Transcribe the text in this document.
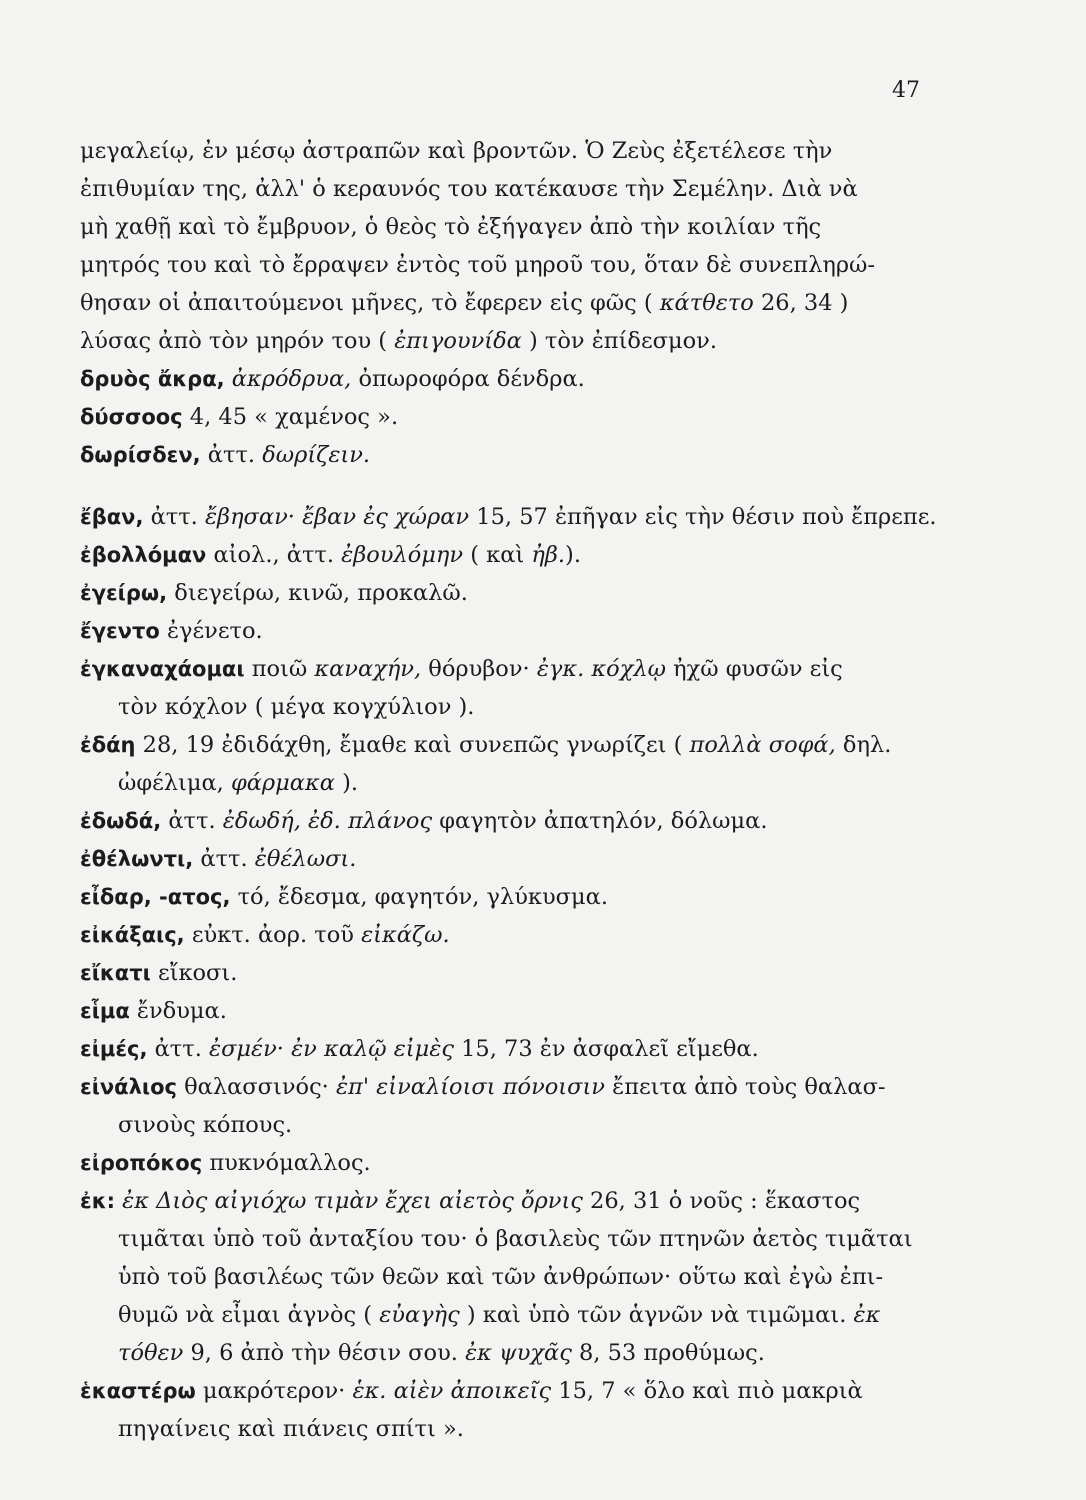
47
μεγαλείῳ, ἐν μέσῳ ἀστραπῶν καὶ βροντῶν. Ὁ Ζεὺς ἐξετέλεσε τὴν
ἐπιθυμίαν της, ἀλλ' ὁ κεραυνός του κατέκαυσε τὴν Σεμέλην. Διὰ νὰ
μὴ χαθῇ καὶ τὸ ἔμβρυον, ὁ θεὸς τὸ ἐξήγαγεν ἀπὸ τὴν κοιλίαν τῆς
μητρός του καὶ τὸ ἔρραψεν ἐντὸς τοῦ μηροῦ του, ὅταν δὲ συνεπληρώ-
θησαν οἱ ἀπαιτούμενοι μῆνες, τὸ ἔφερεν εἰς φῶς ( κάτθετο 26, 34 )
λύσας ἀπὸ τὸν μηρόν του ( ἐπιγουνίδα ) τὸν ἐπίδεσμον.
δρυὸς ἄκρα, ἀκρόδρυα, ὀπωροφόρα δένδρα.
δύσσοος 4, 45 « χαμένος ».
δωρίσδεν, ἀττ. δωρίζειν.
ἔβαν, ἀττ. ἔβησαν· ἔβαν ἐς χώραν 15, 57 ἐπῆγαν εἰς τὴν θέσιν ποὺ ἔπρεπε.
ἐβολλόμαν αἰολ., ἀττ. ἐβουλόμην ( καὶ ἠβ.).
ἐγείρω, διεγείρω, κινῶ, προκαλῶ.
ἔγεντο ἐγένετο.
ἐγκαναχάομαι ποιῶ καναχήν, θόρυβον· ἐγκ. κόχλῳ ἠχῶ φυσῶν εἰς
τὸν κόχλον ( μέγα κογχύλιον ).
ἐδάη 28, 19 ἐδιδάχθη, ἔμαθε καὶ συνεπῶς γνωρίζει ( πολλὰ σοφά, δηλ.
ὠφέλιμα, φάρμακα ).
ἐδωδά, ἀττ. ἐδωδή, ἐδ. πλάνος φαγητὸν ἀπατηλόν, δόλωμα.
ἐθέλωντι, ἀττ. ἐθέλωσι.
εἶδαρ, -ατος, τό, ἔδεσμα, φαγητόν, γλύκυσμα.
εἰκάξαις, εὐκτ. ἀορ. τοῦ εἰκάζω.
εἴκατι εἴκοσι.
εἷμα ἔνδυμα.
εἰμές, ἀττ. ἐσμέν· ἐν καλῷ εἰμὲς 15, 73 ἐν ἀσφαλεῖ εἴμεθα.
εἰνάλιος θαλασσινός· ἐπ' εἰναλίοισι πόνοισιν ἔπειτα ἀπὸ τοὺς θαλασ-
σινοὺς κόπους.
εἰροπόκος πυκνόμαλλος.
ἐκ: ἐκ Διὸς αἰγιόχω τιμὰν ἔχει αἰετὸς ὄρνις 26, 31 ὁ νοῦς : ἕκαστος
τιμᾶται ὑπὸ τοῦ ἀνταξίου του· ὁ βασιλεὺς τῶν πτηνῶν ἀετὸς τιμᾶται
ὑπὸ τοῦ βασιλέως τῶν θεῶν καὶ τῶν ἀνθρώπων· οὕτω καὶ ἐγὼ ἐπι-
θυμῶ νὰ εἶμαι ἁγνὸς ( εὐαγὴς ) καὶ ὑπὸ τῶν ἁγνῶν νὰ τιμῶμαι. ἐκ
τόθεν 9, 6 ἀπὸ τὴν θέσιν σου. ἐκ ψυχᾶς 8, 53 προθύμως.
ἑκαστέρω μακρότερον· ἑκ. αἰὲν ἀποικεῖς 15, 7 « ὅλο καὶ πιὸ μακριὰ
πηγαίνεις καὶ πιάνεις σπίτι ».
